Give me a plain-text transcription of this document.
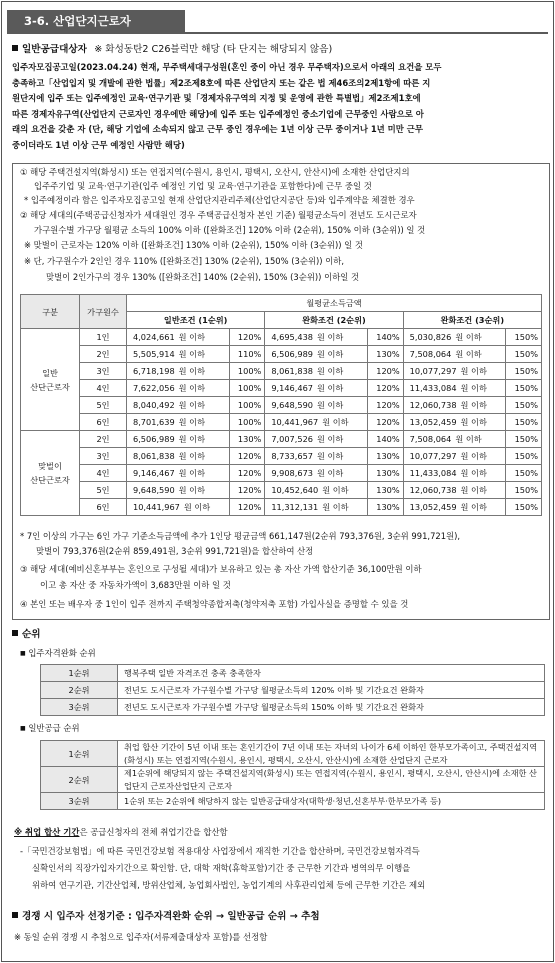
3-6. 산업단지근로자
일반공급대상자 ※ 화성동탄2 C26블럭만 해당 (타 단지는 해당되지 않음)
입주자모집공고일(2023.04.24) 현재, 무주택세대구성원(혼인 중이 아닌 경우 무주택자)으로서 아래의 요건을 모두
충족하고「산업입지 및 개발에 관한 법률」제2조제8호에 따른 산업단지 또는 같은 법 제46조의2제1항에 따른 지
원단지에 입주 또는 입주예정인 교육·연구기관 및「경제자유구역의 지정 및 운영에 관한 특별법」제2조제1호에
따른 경제자유구역(산업단지 근로자인 경우에만 해당)에 입주 또는 입주예정인 중소기업에 근무중인 사람으로 아
래의 요건을 갖춘 자 (단, 해당 기업에 소속되지 않고 근무 중인 경우에는 1년 이상 근무 중이거나 1년 미만 근무
중이더라도 1년 이상 근무 예정인 사람만 해당)
① 해당 주택건설지역(화성시) 또는 연접지역(수원시, 용인시, 평택시, 오산시, 안산시)에 소재한 산업단지의
입주주기업 및 교육·연구기관(입주 예정인 기업 및 교육·연구기관을 포함한다)에 근무 중일 것
* 입주예정이라 함은 입주자모집공고일 현재 산업단지관리주체(산업단지공단 등)와 입주계약을 체결한 경우
② 해당 세대의(주택공급신청자가 세대원인 경우 주택공급신청자 본인 기준) 월평균소득이 전년도 도시근로자
가구원수별 가구당 월평균 소득의 100% 이하 ([완화조건] 120% 이하 (2순위), 150% 이하 (3순위)) 일 것
※ 맞벌이 근로자는 120% 이하 ([완화조건] 130% 이하 (2순위), 150% 이하 (3순위)) 일 것
※ 단, 가구원수가 2인인 경우 110% ([완화조건] 130% (2순위), 150% (3순위)) 이하,
맞벌이 2인가구의 경우 130% ([완화조건] 140% (2순위), 150% (3순위)) 이하일 것
구분	가구원수	월평균소득금액					
		일반조건 (1순위)		완화조건 (2순위)		완화조건 (3순위)	
일반
산단근로자	1인	4,024,661 원 이하	120%	4,695,438 원 이하	140%	5,030,826 원 이하	150%
	2인	5,505,914 원 이하	110%	6,506,989 원 이하	130%	7,508,064 원 이하	150%
	3인	6,718,198 원 이하	100%	8,061,838 원 이하	120%	10,077,297 원 이하	150%
	4인	7,622,056 원 이하	100%	9,146,467 원 이하	120%	11,433,084 원 이하	150%
	5인	8,040,492 원 이하	100%	9,648,590 원 이하	120%	12,060,738 원 이하	150%
	6인	8,701,639 원 이하	100%	10,441,967 원 이하	120%	13,052,459 원 이하	150%
맞벌이
산단근로자	2인	6,506,989 원 이하	130%	7,007,526 원 이하	140%	7,508,064 원 이하	150%
	3인	8,061,838 원 이하	120%	8,733,657 원 이하	130%	10,077,297 원 이하	150%
	4인	9,146,467 원 이하	120%	9,908,673 원 이하	130%	11,433,084 원 이하	150%
	5인	9,648,590 원 이하	120%	10,452,640 원 이하	130%	12,060,738 원 이하	150%
	6인	10,441,967 원 이하	120%	11,312,131 원 이하	130%	13,052,459 원 이하	150%
* 7인 이상의 가구는 6인 가구 기준소득금액에 추가 1인당 평균금액 661,147원(2순위 793,376원, 3순위 991,721원),
맞벌이 793,376원(2순위 859,491원, 3순위 991,721원)을 합산하여 산정
③ 해당 세대(예비신혼부부는 혼인으로 구성될 세대)가 보유하고 있는 총 자산 가액 합산기준 36,100만원 이하
이고 총 자산 중 자동차가액이 3,683만원 이하 일 것
④ 본인 또는 배우자 중 1인이 입주 전까지 주택청약종합저축(청약저축 포함) 가입사실을 증명할 수 있을 것
순위
■ 입주자격완화 순위
1순위	행복주택 일반 자격조건 충족 충족한자
2순위	전년도 도시근로자 가구원수별 가구당 월평균소득의 120% 이하 및 기간요건 완화자
3순위	전년도 도시근로자 가구원수별 가구당 월평균소득의 150% 이하 및 기간요건 완화자
■ 일반공급 순위
1순위	취업 합산 기간이 5년 이내 또는 혼인기간이 7년 이내 또는 자녀의 나이가 6세 이하인 한부모가족이고, 주택건설지역(화성시) 또는 연접지역(수원시, 용인시, 평택시, 오산시, 안산시)에 소재한 산업단지 근로자
2순위	제1순위에 해당되지 않는 주택건설지역(화성시) 또는 연접지역(수원시, 용인시, 평택시, 오산시, 안산시)에 소재한 산업단지 근로자산업단지 근로자
3순위	1순위 또는 2순위에 해당하지 않는 일반공급대상자(대학생·청년,신혼부부·한부모가족 등)
※ 취업 합산 기간은 공급신청자의 전체 취업기간을 합산함
-「국민건강보험법」에 따른 국민건강보험 적용대상 사업장에서 재직한 기간을 합산하며, 국민건강보험자격득
실확인서의 직장가입자기간으로 확인함. 단, 대학 재학(휴학포함)기간 중 근무한 기간과 병역의무 이행을
위하여 연구기관, 기간산업체, 방위산업체, 농업회사법인, 농업기계의 사후관리업체 등에 근무한 기간은 제외
경쟁 시 입주자 선정기준 : 입주자격완화 순위 → 일반공급 순위 → 추첨
※ 동일 순위 경쟁 시 추첨으로 입주자(서류제출대상자 포함)를 선정함
